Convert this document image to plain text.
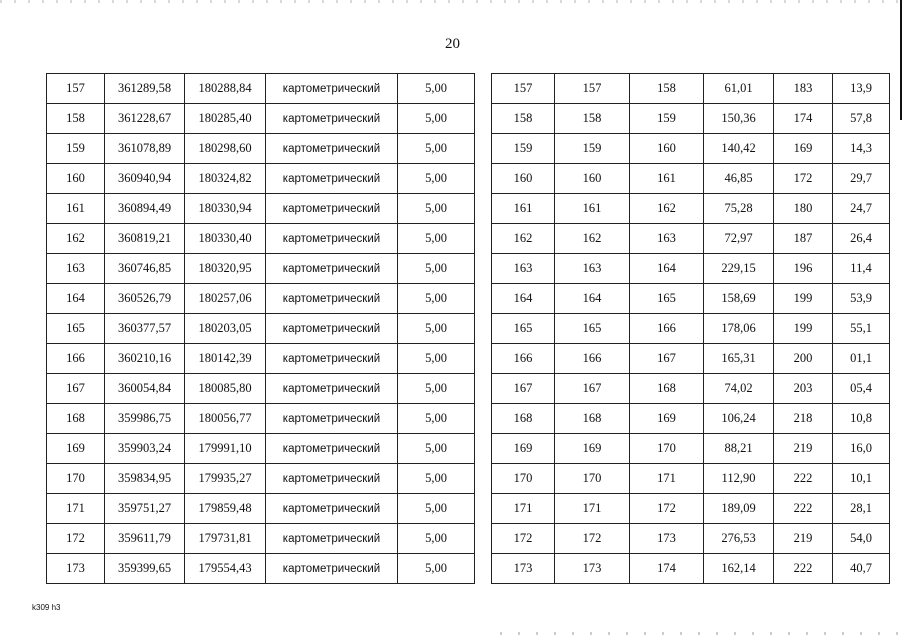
20
157	361289,58	180288,84	картометрический	5,00
158	361228,67	180285,40	картометрический	5,00
159	361078,89	180298,60	картометрический	5,00
160	360940,94	180324,82	картометрический	5,00
161	360894,49	180330,94	картометрический	5,00
162	360819,21	180330,40	картометрический	5,00
163	360746,85	180320,95	картометрический	5,00
164	360526,79	180257,06	картометрический	5,00
165	360377,57	180203,05	картометрический	5,00
166	360210,16	180142,39	картометрический	5,00
167	360054,84	180085,80	картометрический	5,00
168	359986,75	180056,77	картометрический	5,00
169	359903,24	179991,10	картометрический	5,00
170	359834,95	179935,27	картометрический	5,00
171	359751,27	179859,48	картометрический	5,00
172	359611,79	179731,81	картометрический	5,00
173	359399,65	179554,43	картометрический	5,00
157	157	158	61,01	183	13,9
158	158	159	150,36	174	57,8
159	159	160	140,42	169	14,3
160	160	161	46,85	172	29,7
161	161	162	75,28	180	24,7
162	162	163	72,97	187	26,4
163	163	164	229,15	196	11,4
164	164	165	158,69	199	53,9
165	165	166	178,06	199	55,1
166	166	167	165,31	200	01,1
167	167	168	74,02	203	05,4
168	168	169	106,24	218	10,8
169	169	170	88,21	219	16,0
170	170	171	112,90	222	10,1
171	171	172	189,09	222	28,1
172	172	173	276,53	219	54,0
173	173	174	162,14	222	40,7
k309 h3
